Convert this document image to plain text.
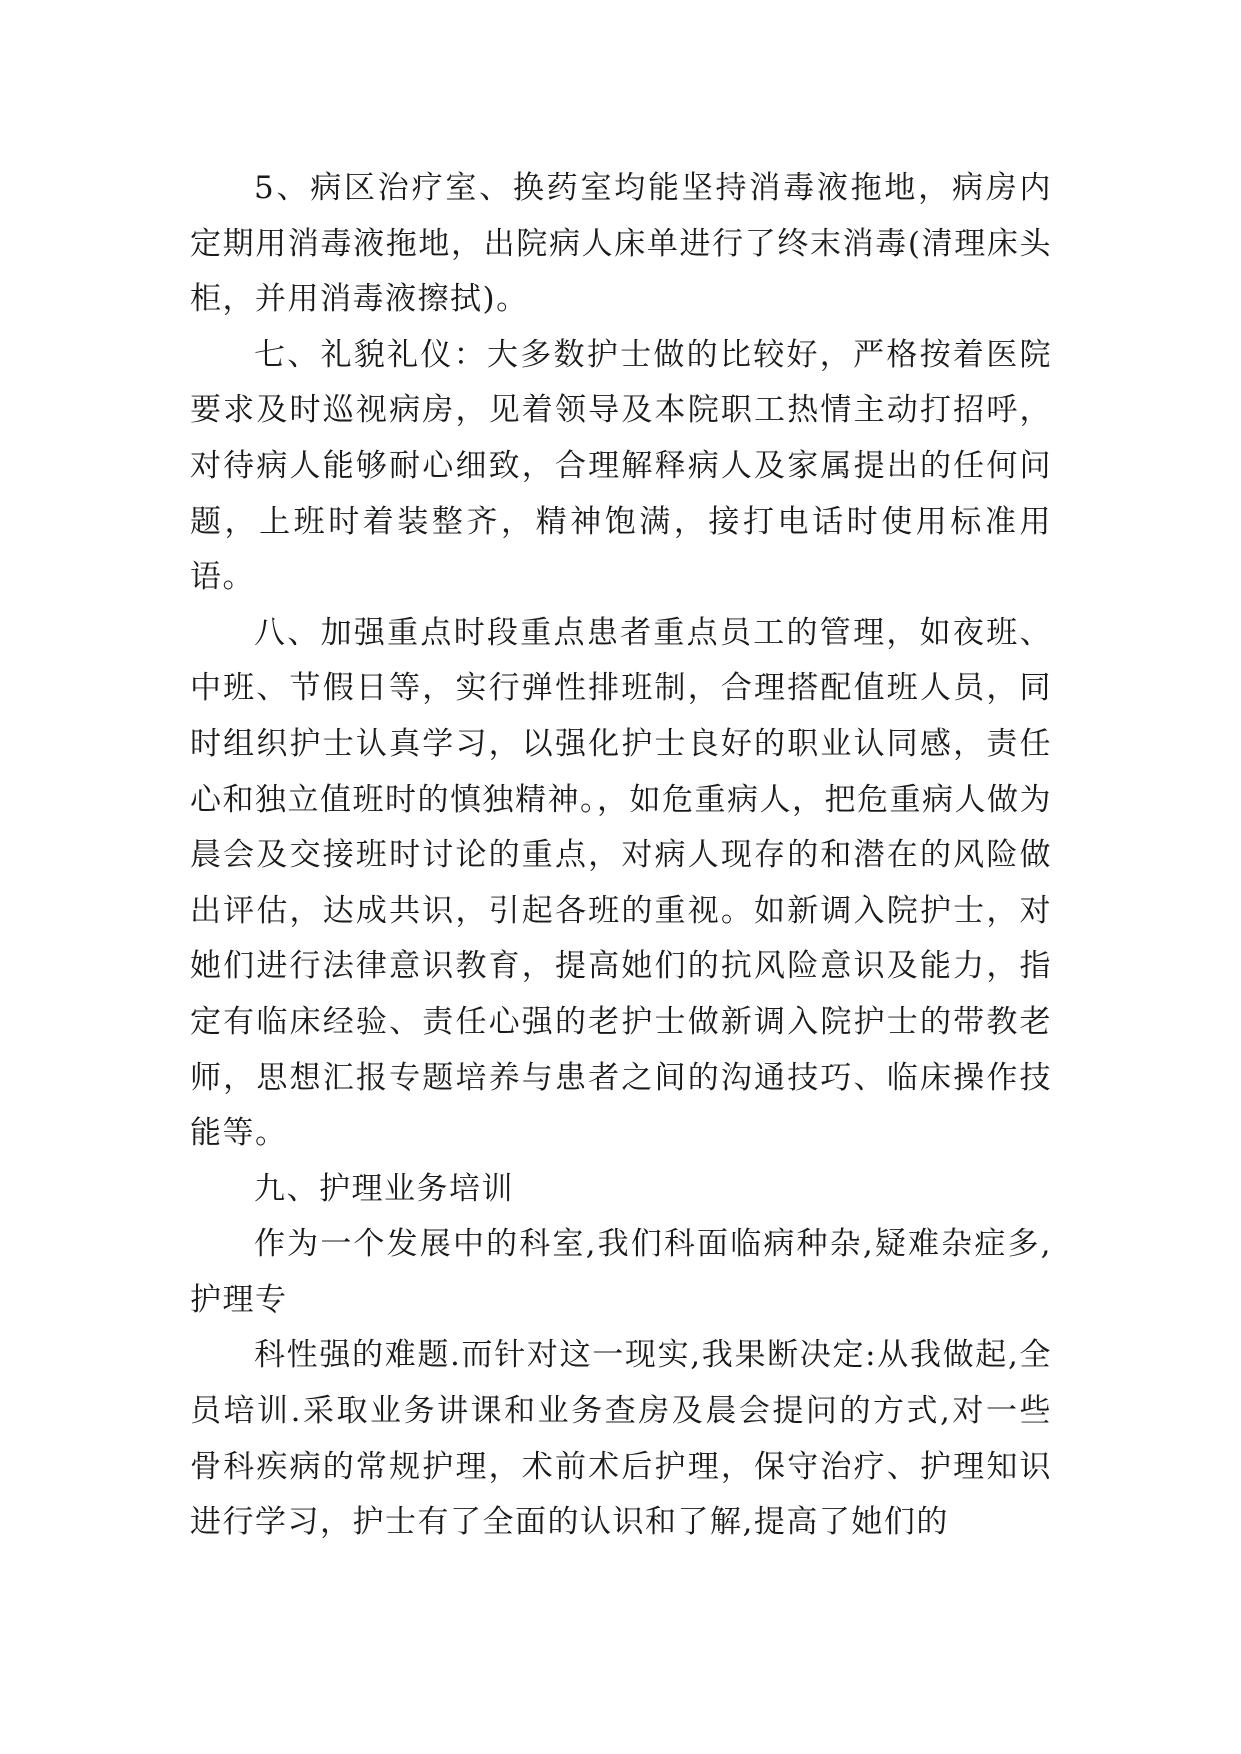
5、病区治疗室、换药室均能坚持消毒液拖地，病房内定期用消毒液拖地，出院病人床单进行了终末消毒(清理床头柜，并用消毒液擦拭)。

七、礼貌礼仪：大多数护士做的比较好，严格按着医院要求及时巡视病房，见着领导及本院职工热情主动打招呼，对待病人能够耐心细致，合理解释病人及家属提出的任何问题，上班时着装整齐，精神饱满，接打电话时使用标准用语。

八、加强重点时段重点患者重点员工的管理，如夜班、中班、节假日等，实行弹性排班制，合理搭配值班人员，同时组织护士认真学习，以强化护士良好的职业认同感，责任心和独立值班时的慎独精神。，如危重病人，把危重病人做为晨会及交接班时讨论的重点，对病人现存的和潜在的风险做出评估，达成共识，引起各班的重视。如新调入院护士，对她们进行法律意识教育，提高她们的抗风险意识及能力，指定有临床经验、责任心强的老护士做新调入院护士的带教老师，思想汇报专题培养与患者之间的沟通技巧、临床操作技能等。

九、护理业务培训

作为一个发展中的科室,我们科面临病种杂,疑难杂症多,护理专

科性强的难题.而针对这一现实,我果断决定:从我做起,全员培训.采取业务讲课和业务查房及晨会提问的方式,对一些骨科疾病的常规护理，术前术后护理，保守治疗、护理知识进行学习，护士有了全面的认识和了解,提高了她们的
